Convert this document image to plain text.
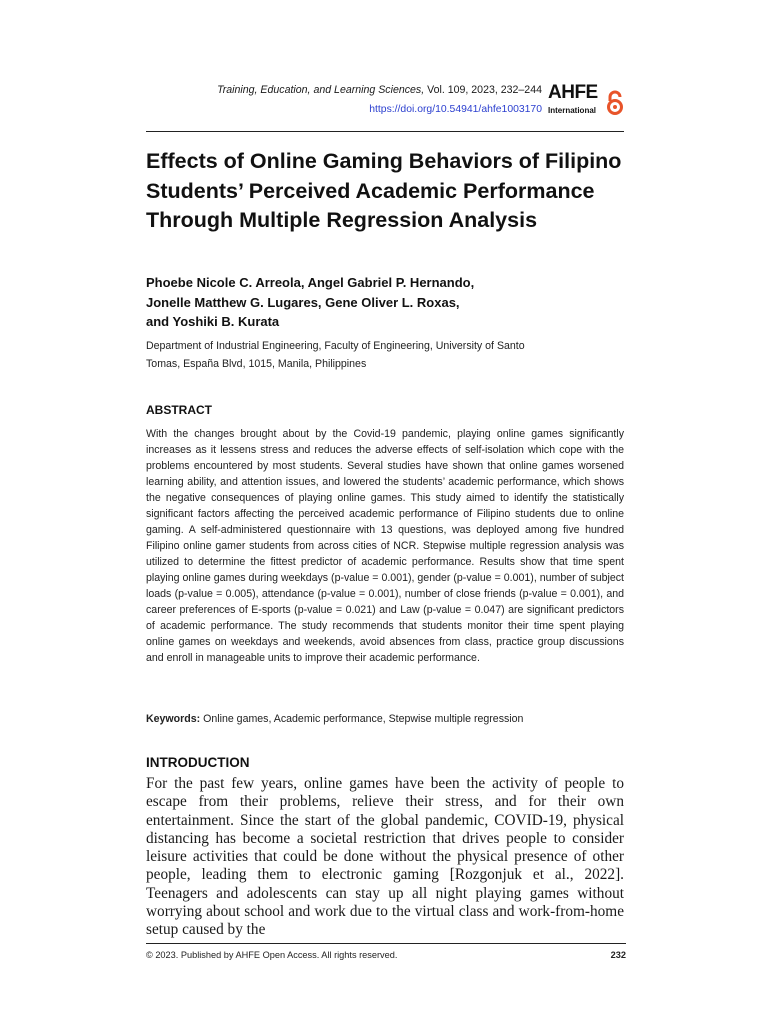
Training, Education, and Learning Sciences, Vol. 109, 2023, 232–244
https://doi.org/10.54941/ahfe1003170
AHFE
International
Effects of Online Gaming Behaviors of Filipino Students’ Perceived Academic Performance Through Multiple Regression Analysis
Phoebe Nicole C. Arreola, Angel Gabriel P. Hernando,
Jonelle Matthew G. Lugares, Gene Oliver L. Roxas,
and Yoshiki B. Kurata
Department of Industrial Engineering, Faculty of Engineering, University of Santo
Tomas, España Blvd, 1015, Manila, Philippines
ABSTRACT

With the changes brought about by the Covid-19 pandemic, playing online games significantly increases as it lessens stress and reduces the adverse effects of self-isolation which cope with the problems encountered by most students. Several studies have shown that online games worsened learning ability, and attention issues, and lowered the students’ academic performance, which shows the negative consequences of playing online games. This study aimed to identify the statistically significant factors affecting the perceived academic performance of Filipino students due to online gaming. A self-administered questionnaire with 13 questions, was deployed among five hundred Filipino online gamer students from across cities of NCR. Stepwise multiple regression analysis was utilized to determine the fittest predictor of academic performance. Results show that time spent playing online games during weekdays (p-value = 0.001), gender (p-value = 0.001), number of subject loads (p-value = 0.005), attendance (p-value = 0.001), number of close friends (p-value = 0.001), and career preferences of E-sports (p-value = 0.021) and Law (p-value = 0.047) are significant predictors of academic performance. The study recommends that students monitor their time spent playing online games on weekdays and weekends, avoid absences from class, practice group discussions and enroll in manageable units to improve their academic performance.

Keywords: Online games, Academic performance, Stepwise multiple regression

INTRODUCTION

For the past few years, online games have been the activity of people to escape from their problems, relieve their stress, and for their own entertainment. Since the start of the global pandemic, COVID-19, physical distancing has become a societal restriction that drives people to consider leisure activities that could be done without the physical presence of other people, leading them to electronic gaming [Rozgonjuk et al., 2022]. Teenagers and adolescents can stay up all night playing games without worrying about school and work due to the virtual class and work-from-home setup caused by the

© 2023. Published by AHFE Open Access. All rights reserved.	232
